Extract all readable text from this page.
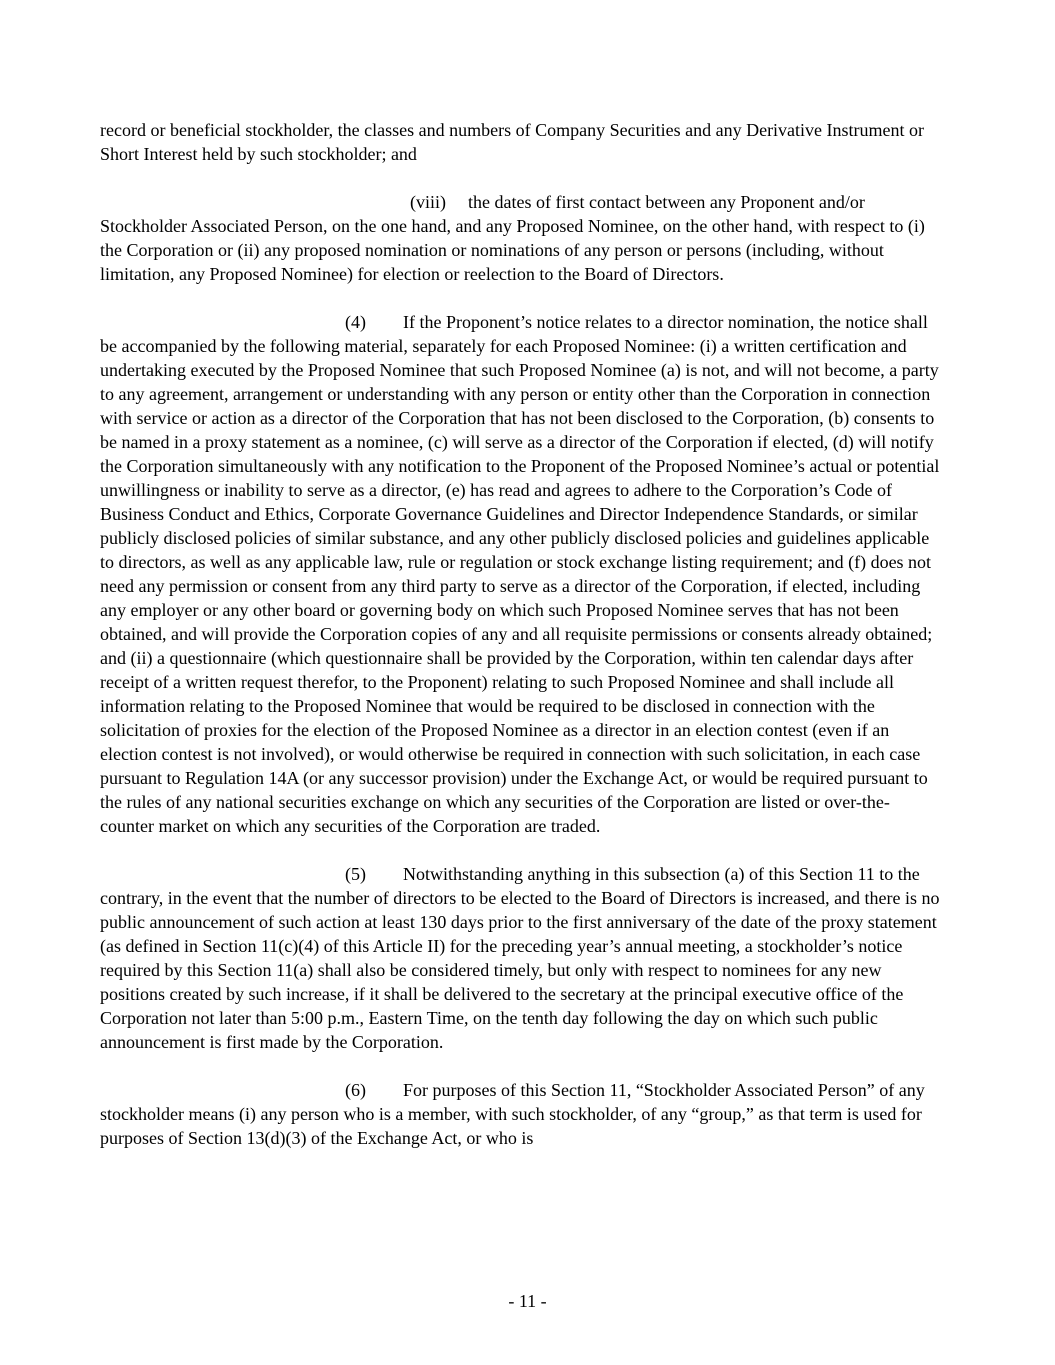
record or beneficial stockholder, the classes and numbers of Company Securities and any Derivative Instrument or Short Interest held by such stockholder; and

(viii) the dates of first contact between any Proponent and/or Stockholder Associated Person, on the one hand, and any Proposed Nominee, on the other hand, with respect to (i) the Corporation or (ii) any proposed nomination or nominations of any person or persons (including, without limitation, any Proposed Nominee) for election or reelection to the Board of Directors.

(4) If the Proponent’s notice relates to a director nomination, the notice shall be accompanied by the following material, separately for each Proposed Nominee: (i) a written certification and undertaking executed by the Proposed Nominee that such Proposed Nominee (a) is not, and will not become, a party to any agreement, arrangement or understanding with any person or entity other than the Corporation in connection with service or action as a director of the Corporation that has not been disclosed to the Corporation, (b) consents to be named in a proxy statement as a nominee, (c) will serve as a director of the Corporation if elected, (d) will notify the Corporation simultaneously with any notification to the Proponent of the Proposed Nominee’s actual or potential unwillingness or inability to serve as a director, (e) has read and agrees to adhere to the Corporation’s Code of Business Conduct and Ethics, Corporate Governance Guidelines and Director Independence Standards, or similar publicly disclosed policies of similar substance, and any other publicly disclosed policies and guidelines applicable to directors, as well as any applicable law, rule or regulation or stock exchange listing requirement; and (f) does not need any permission or consent from any third party to serve as a director of the Corporation, if elected, including any employer or any other board or governing body on which such Proposed Nominee serves that has not been obtained, and will provide the Corporation copies of any and all requisite permissions or consents already obtained; and (ii) a questionnaire (which questionnaire shall be provided by the Corporation, within ten calendar days after receipt of a written request therefor, to the Proponent) relating to such Proposed Nominee and shall include all information relating to the Proposed Nominee that would be required to be disclosed in connection with the solicitation of proxies for the election of the Proposed Nominee as a director in an election contest (even if an election contest is not involved), or would otherwise be required in connection with such solicitation, in each case pursuant to Regulation 14A (or any successor provision) under the Exchange Act, or would be required pursuant to the rules of any national securities exchange on which any securities of the Corporation are listed or over-the-counter market on which any securities of the Corporation are traded.

(5) Notwithstanding anything in this subsection (a) of this Section 11 to the contrary, in the event that the number of directors to be elected to the Board of Directors is increased, and there is no public announcement of such action at least 130 days prior to the first anniversary of the date of the proxy statement (as defined in Section 11(c)(4) of this Article II) for the preceding year’s annual meeting, a stockholder’s notice required by this Section 11(a) shall also be considered timely, but only with respect to nominees for any new positions created by such increase, if it shall be delivered to the secretary at the principal executive office of the Corporation not later than 5:00 p.m., Eastern Time, on the tenth day following the day on which such public announcement is first made by the Corporation.

(6) For purposes of this Section 11, “Stockholder Associated Person” of any stockholder means (i) any person who is a member, with such stockholder, of any “group,” as that term is used for purposes of Section 13(d)(3) of the Exchange Act, or who is

- 11 -
